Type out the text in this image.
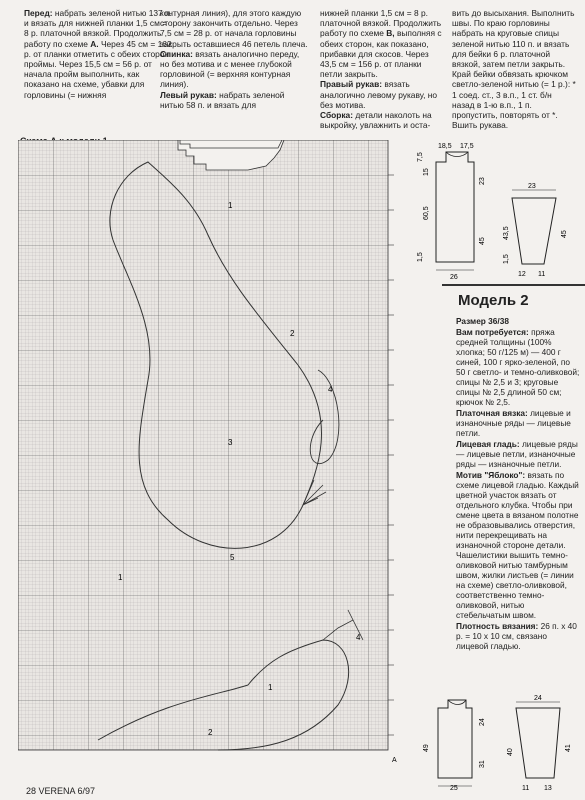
Перед: набрать зеленой нитью 137 п. и вязать для нижней планки 1,5 см = 8 р. платочной вязкой. Продолжить работу по схеме А. Через 45 см = 162 р. от планки отметить с обеих сторон проймы. Через 15,5 см = 56 р. от начала пройм выполнить, как показано на схеме, убавки для горловины (= нижняя

контурная линия), для этого каждую сторону закончить отдельно. Через 7,5 см = 28 р. от начала горловины закрыть оставшиеся 46 петель плеча.

Спинка: вязать аналогично переду, но без мотива и с менее глубокой горловиной (= верхняя контурная линия).

Левый рукав: набрать зеленой нитью 58 п. и вязать для

нижней планки 1,5 см = 8 р. платочной вязкой. Продолжить работу по схеме В, выполняя с обеих сторон, как показано, прибавки для скосов. Через 43,5 см = 156 р. от планки петли закрыть.

Правый рукав: вязать аналогично левому рукаву, но без мотива.

Сборка: детали наколоть на выкройку, увлажнить и оста-

вить до высыхания. Выполнить швы. По краю горловины набрать на круговые спицы зеленой нитью 110 п. и вязать для бейки 6 р. платочной вязкой, затем петли закрыть. Край бейки обвязать крючком светло-зеленой нитью (= 1 р.): * 1 соед. ст., 3 в.п., 1 ст. б/н назад в 1-ю в.п., 1 п. пропустить, повторять от *. Вшить рукава.

1
2
3
4
5
1
2
1
4
A
18,5 17,5
1,5
60,5
15
7,5
23
45
26
23
1,5
43,5	45
12 11
Модель 2

Размер 36/38

Вам потребуется: пряжа средней толщины (100% хлопка; 50 г/125 м) — 400 г синей, 100 г ярко-зеленой, по 50 г светло- и темно-оливковой; спицы № 2,5 и 3; круговые спицы № 2,5 длиной 50 см; крючок № 2,5.

Платочная вязка: лицевые и изнаночные ряды — лицевые петли.

Лицевая гладь: лицевые ряды — лицевые петли, изнаночные ряды — изнаночные петли.

Мотив "Яблоко": вязать по схеме лицевой гладью. Каждый цветной участок вязать от отдельного клубка. Чтобы при смене цвета в вязаном полотне не образовывались отверстия, нити перекрещивать на изнаночной стороне детали. Чашелистики вышить темно-оливковой нитью тамбурным швом, жилки листьев (= линии на схеме) светло-оливковой, соответственно темно-оливковой, нитью стебельчатым швом.

Плотность вязания: 26 п. х 40 р. = 10 х 10 см, связано лицевой гладью.

49
31
24
25
24
40
41
11 13
28 VERENA 6/97
